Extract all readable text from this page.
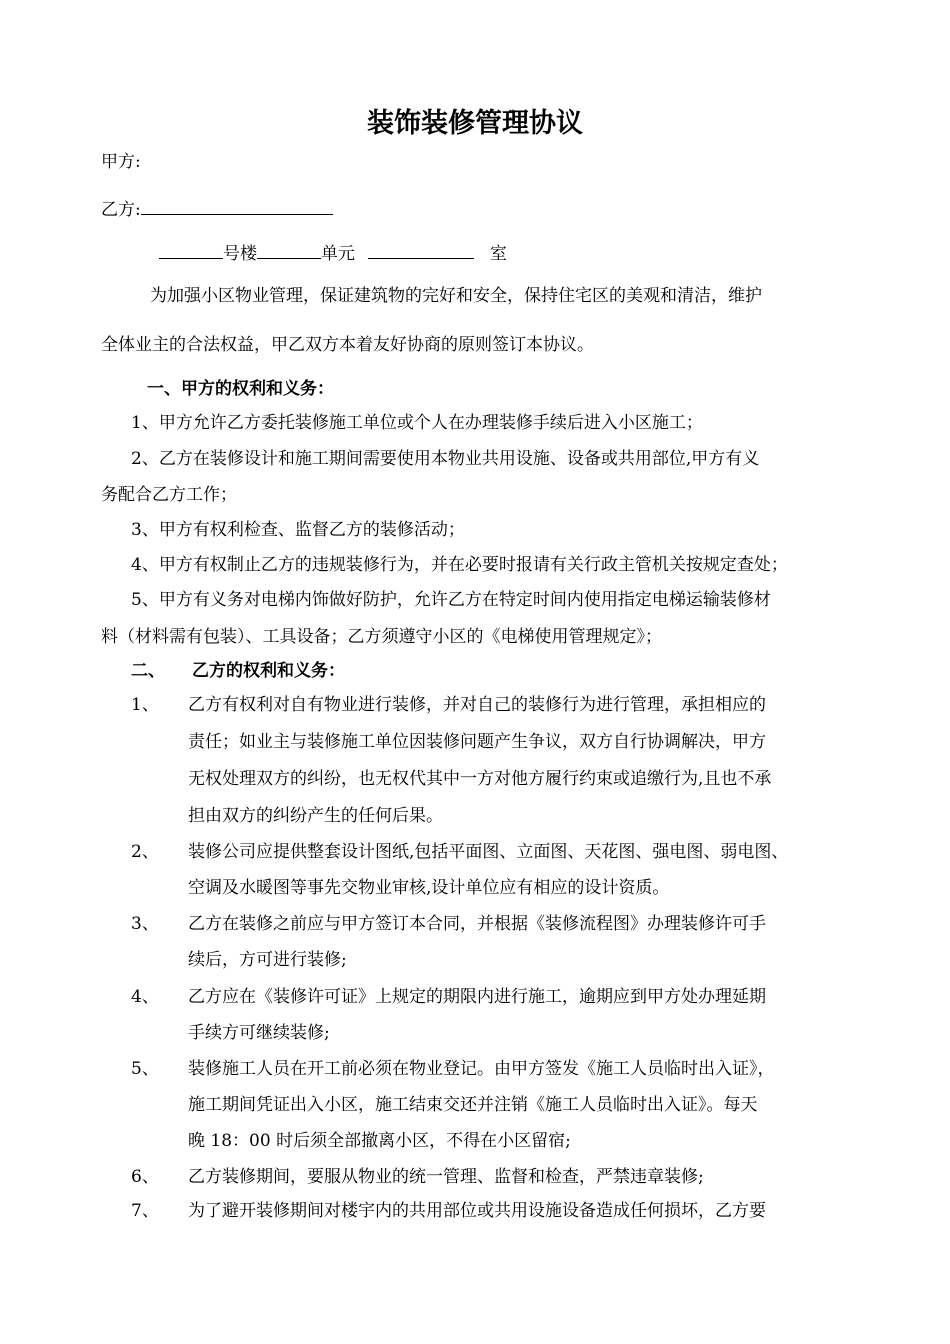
装饰装修管理协议
甲方:
乙方:
号楼	单元	室
为加强小区物业管理，保证建筑物的完好和安全，保持住宅区的美观和清洁，维护
全体业主的合法权益，甲乙双方本着友好协商的原则签订本协议。
一、甲方的权利和义务：
1、甲方允许乙方委托装修施工单位或个人在办理装修手续后进入小区施工；
2、乙方在装修设计和施工期间需要使用本物业共用设施、设备或共用部位,甲方有义
务配合乙方工作；
3、甲方有权利检查、监督乙方的装修活动；
4、甲方有权制止乙方的违规装修行为，并在必要时报请有关行政主管机关按规定查处；
5、甲方有义务对电梯内饰做好防护，允许乙方在特定时间内使用指定电梯运输装修材
料（材料需有包装）、工具设备；乙方须遵守小区的《电梯使用管理规定》；
二、 乙方的权利和义务：
1、 乙方有权利对自有物业进行装修，并对自己的装修行为进行管理，承担相应的
责任；如业主与装修施工单位因装修问题产生争议，双方自行协调解决，甲方
无权处理双方的纠纷，也无权代其中一方对他方履行约束或追缴行为,且也不承
担由双方的纠纷产生的任何后果。
2、 装修公司应提供整套设计图纸,包括平面图、立面图、天花图、强电图、弱电图、
空调及水暖图等事先交物业审核,设计单位应有相应的设计资质。
3、 乙方在装修之前应与甲方签订本合同，并根据《装修流程图》办理装修许可手
续后，方可进行装修;
4、 乙方应在《装修许可证》上规定的期限内进行施工，逾期应到甲方处办理延期
手续方可继续装修;
5、 装修施工人员在开工前必须在物业登记。由甲方签发《施工人员临时出入证》，
施工期间凭证出入小区，施工结束交还并注销《施工人员临时出入证》。每天
晚 18：00 时后须全部撤离小区，不得在小区留宿;
6、 乙方装修期间，要服从物业的统一管理、监督和检查，严禁违章装修;
7、 为了避开装修期间对楼宇内的共用部位或共用设施设备造成任何损坏，乙方要
